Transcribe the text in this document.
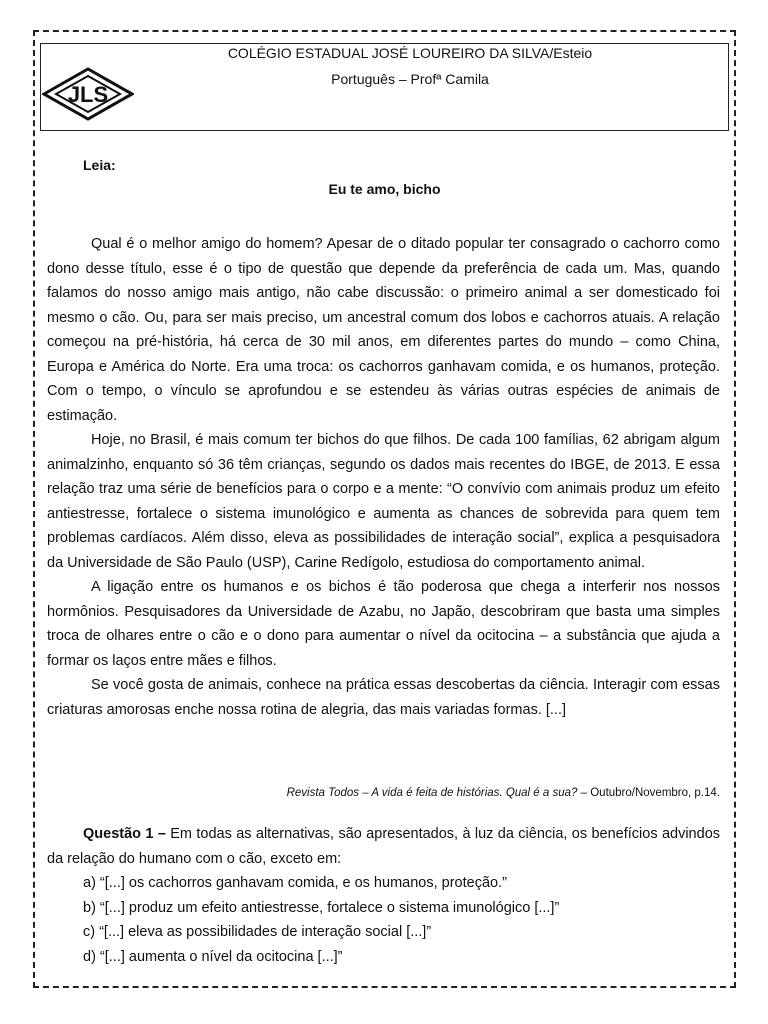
JLS
COLÉGIO ESTADUAL JOSÉ LOUREIRO DA SILVA/Esteio
Português – Profª Camila
Leia:
Eu te amo, bicho

Qual é o melhor amigo do homem? Apesar de o ditado popular ter consagrado o cachorro como dono desse título, esse é o tipo de questão que depende da preferência de cada um. Mas, quando falamos do nosso amigo mais antigo, não cabe discussão: o primeiro animal a ser domesticado foi mesmo o cão. Ou, para ser mais preciso, um ancestral comum dos lobos e cachorros atuais. A relação começou na pré-história, há cerca de 30 mil anos, em diferentes partes do mundo – como China, Europa e América do Norte. Era uma troca: os cachorros ganhavam comida, e os humanos, proteção. Com o tempo, o vínculo se aprofundou e se estendeu às várias outras espécies de animais de estimação.

Hoje, no Brasil, é mais comum ter bichos do que filhos. De cada 100 famílias, 62 abrigam algum animalzinho, enquanto só 36 têm crianças, segundo os dados mais recentes do IBGE, de 2013. E essa relação traz uma série de benefícios para o corpo e a mente: “O convívio com animais produz um efeito antiestresse, fortalece o sistema imunológico e aumenta as chances de sobrevida para quem tem problemas cardíacos. Além disso, eleva as possibilidades de interação social”, explica a pesquisadora da Universidade de São Paulo (USP), Carine Redígolo, estudiosa do comportamento animal.

A ligação entre os humanos e os bichos é tão poderosa que chega a interferir nos nossos hormônios. Pesquisadores da Universidade de Azabu, no Japão, descobriram que basta uma simples troca de olhares entre o cão e o dono para aumentar o nível da ocitocina – a substância que ajuda a formar os laços entre mães e filhos.

Se você gosta de animais, conhece na prática essas descobertas da ciência. Interagir com essas criaturas amorosas enche nossa rotina de alegria, das mais variadas formas. [...]

Revista Todos – A vida é feita de histórias. Qual é a sua? – Outubro/Novembro, p.14.

Questão 1 – Em todas as alternativas, são apresentados, à luz da ciência, os benefícios advindos da relação do humano com o cão, exceto em:

a) “[...] os cachorros ganhavam comida, e os humanos, proteção.”
b) “[...] produz um efeito antiestresse, fortalece o sistema imunológico [...]”
c) “[...] eleva as possibilidades de interação social [...]”
d) “[...] aumenta o nível da ocitocina [...]”
